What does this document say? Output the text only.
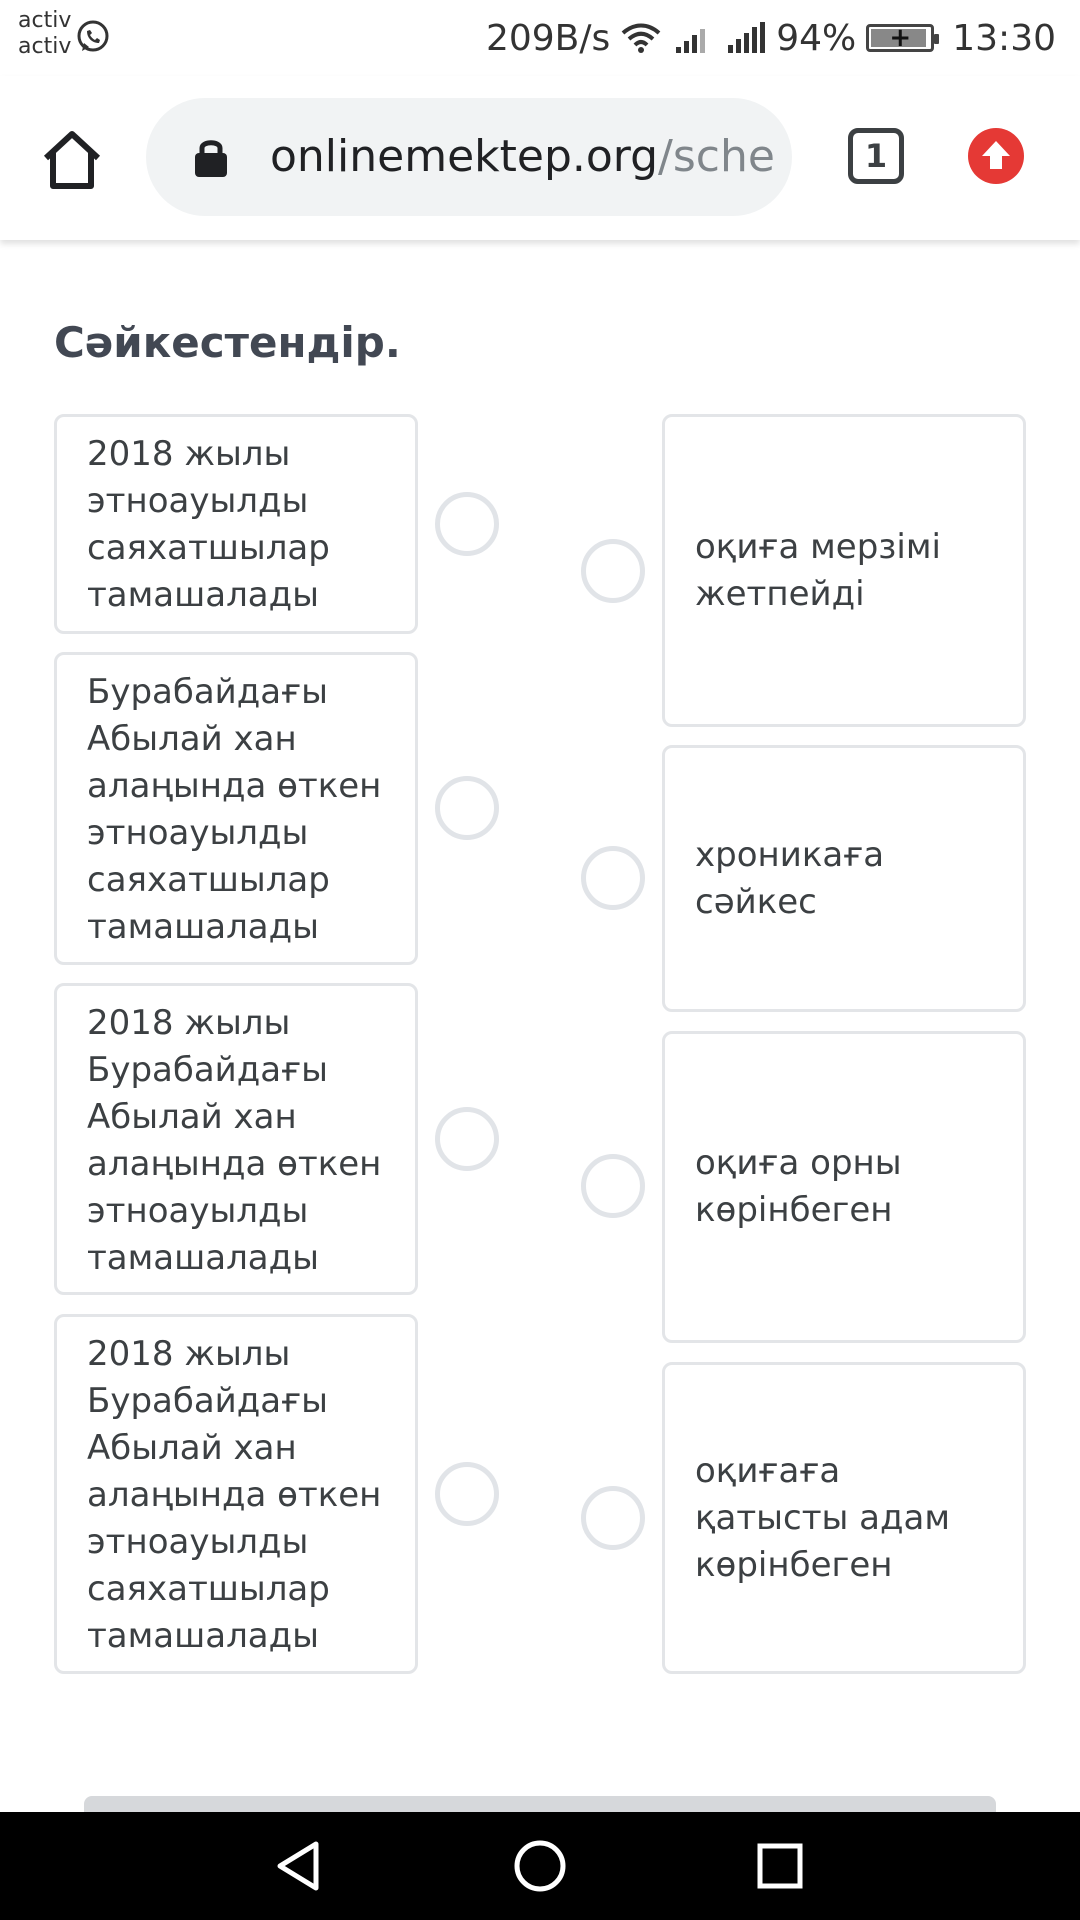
activ
activ	209B/s	94%	+	13:30
onlinemektep.org/sche	1
Сәйкестендір.
2018 жылы этноауылды саяхатшылар тамашалады
Бурабайдағы Абылай хан алаңында өткен этноауылды саяхатшылар тамашалады
2018 жылы Бурабайдағы Абылай хан алаңында өткен этноауылды тамашалады
2018 жылы Бурабайдағы Абылай хан алаңында өткен этноауылды саяхатшылар тамашалады
оқиға мерзімі жетпейді
хроникаға сәйкес
оқиға орны көрінбеген
оқиғаға қатысты адам көрінбеген
